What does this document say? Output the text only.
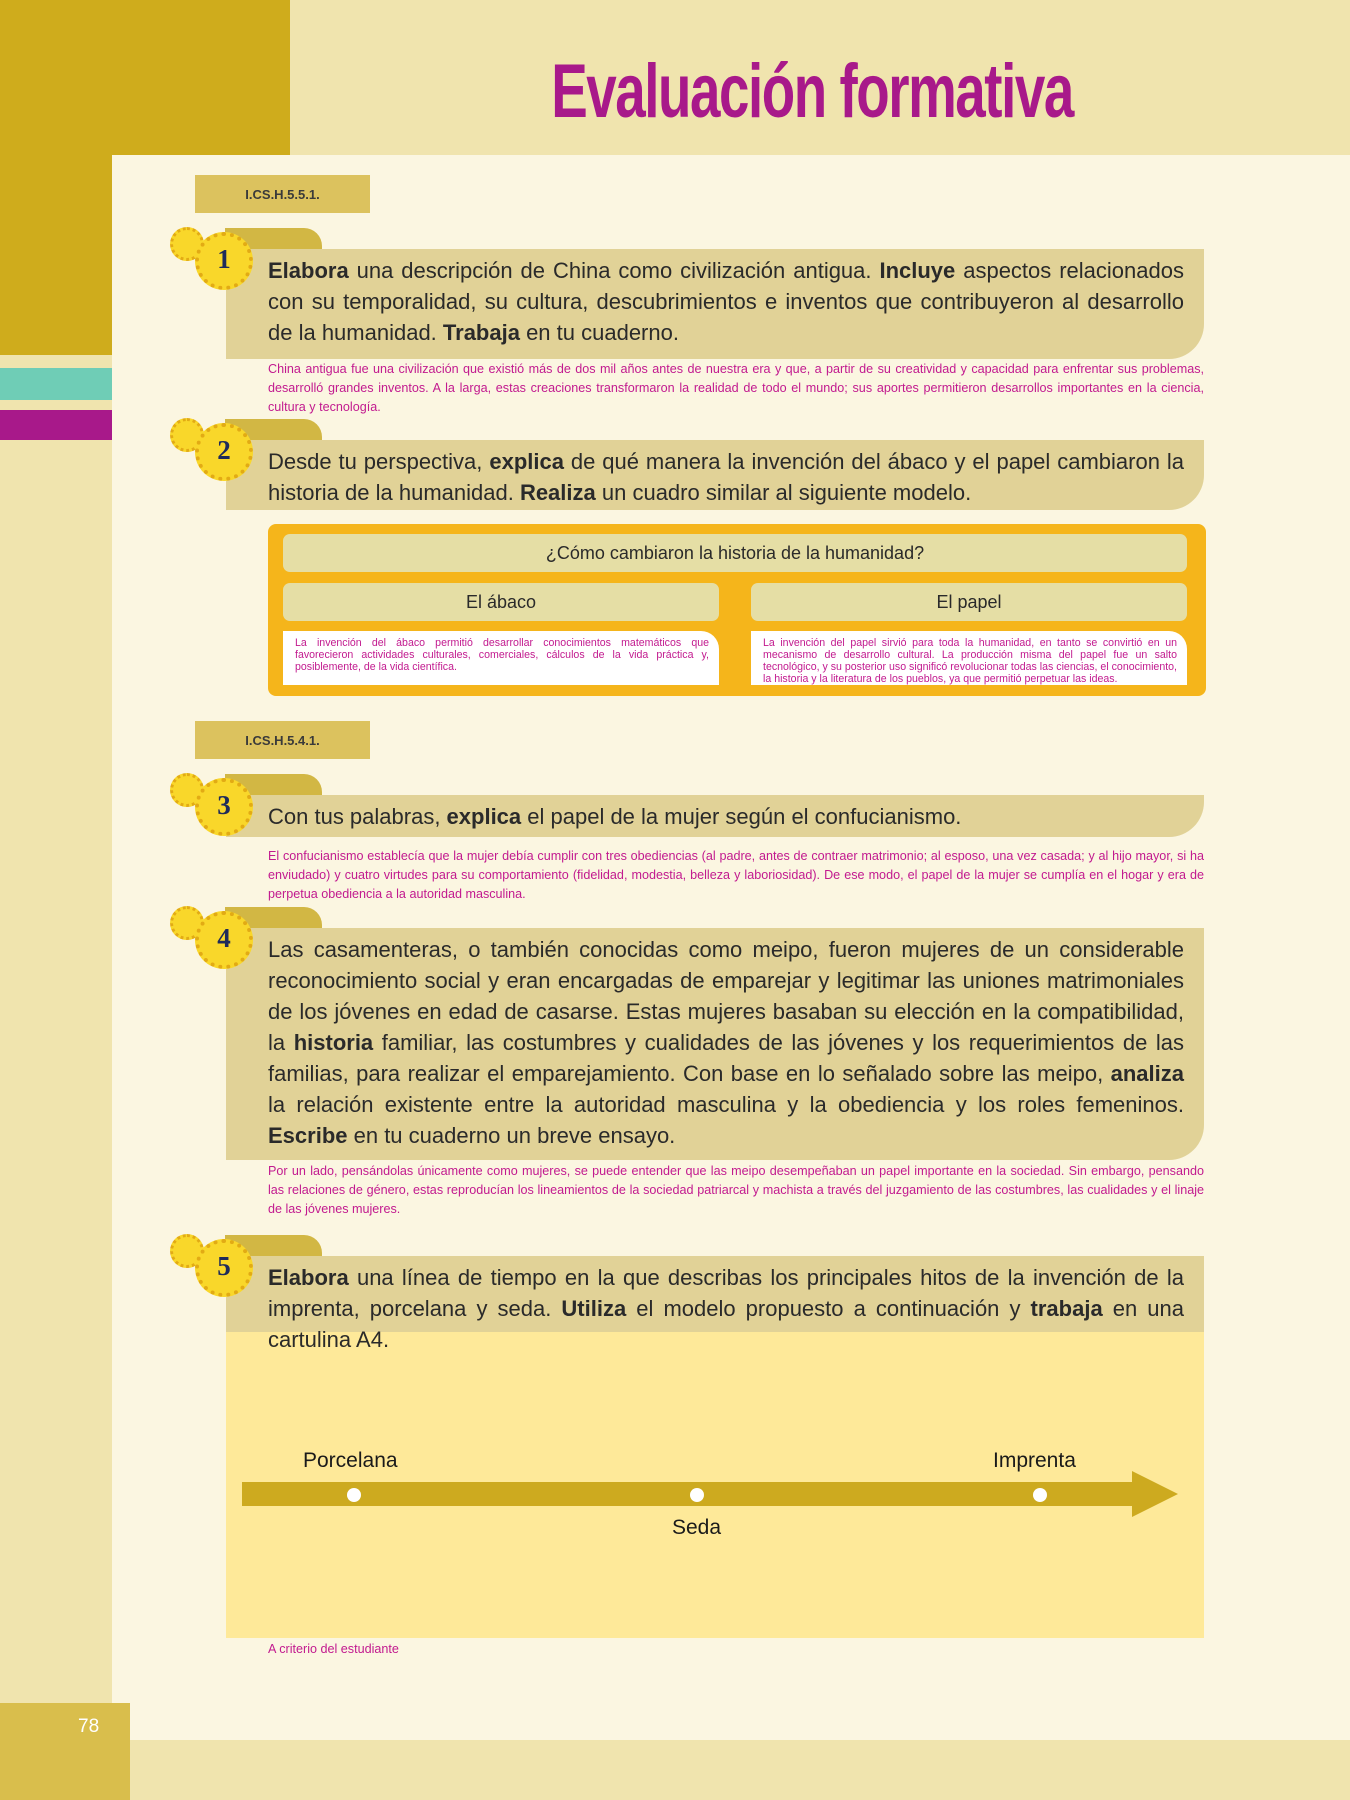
Evaluación formativa
78
I.CS.H.5.5.1.
Elabora una descripción de China como civilización antigua. Incluye aspectos relacionados con su temporalidad, su cultura, descubrimientos e inventos que contribuyeron al desarrollo de la humanidad. Trabaja en tu cuaderno.
1

China antigua fue una civilización que existió más de dos mil años antes de nuestra era y que, a partir de su creatividad y capacidad para enfrentar sus problemas, desarrolló grandes inventos. A la larga, estas creaciones transformaron la realidad de todo el mundo; sus aportes permitieron desarrollos importantes en la ciencia, cultura y tecnología.

Desde tu perspectiva, explica de qué manera la invención del ábaco y el papel cambiaron la historia de la humanidad. Realiza un cuadro similar al siguiente modelo.
2
¿Cómo cambiaron la historia de la humanidad?
El ábaco	El papel
La invención del ábaco permitió desarrollar conocimientos matemáticos que favorecieron actividades culturales, comerciales, cálculos de la vida práctica y, posiblemente, de la vida científica.
La invención del papel sirvió para toda la humanidad, en tanto se convirtió en un mecanismo de desarrollo cultural. La producción misma del papel fue un salto tecnológico, y su posterior uso significó revolucionar todas las ciencias, el conocimiento, la historia y la literatura de los pueblos, ya que permitió perpetuar las ideas.
I.CS.H.5.4.1.
Con tus palabras, explica el papel de la mujer según el confucianismo.
3

El confucianismo establecía que la mujer debía cumplir con tres obediencias (al padre, antes de contraer matrimonio; al esposo, una vez casada; y al hijo mayor, si ha enviudado) y cuatro virtudes para su comportamiento (fidelidad, modestia, belleza y laboriosidad). De ese modo, el papel de la mujer se cumplía en el hogar y era de perpetua obediencia a la autoridad masculina.

Las casamenteras, o también conocidas como meipo, fueron mujeres de un considerable reconocimiento social y eran encargadas de emparejar y legitimar las uniones matrimoniales de los jóvenes en edad de casarse. Estas mujeres basaban su elección en la compatibilidad, la historia familiar, las costumbres y cualidades de las jóvenes y los requerimientos de las familias, para realizar el emparejamiento. Con base en lo señalado sobre las meipo, analiza la relación existente entre la autoridad masculina y la obediencia y los roles femeninos. Escribe en tu cuaderno un breve ensayo.
4

Por un lado, pensándolas únicamente como mujeres, se puede entender que las meipo desempeñaban un papel importante en la sociedad. Sin embargo, pensando las relaciones de género, estas reproducían los lineamientos de la sociedad patriarcal y machista a través del juzgamiento de las costumbres, las cualidades y el linaje de las jóvenes mujeres.

Porcelana
Seda
Imprenta
Elabora una línea de tiempo en la que describas los principales hitos de la invención de la imprenta, porcelana y seda. Utiliza el modelo propuesto a continuación y trabaja en una cartulina A4.
5

A criterio del estudiante
